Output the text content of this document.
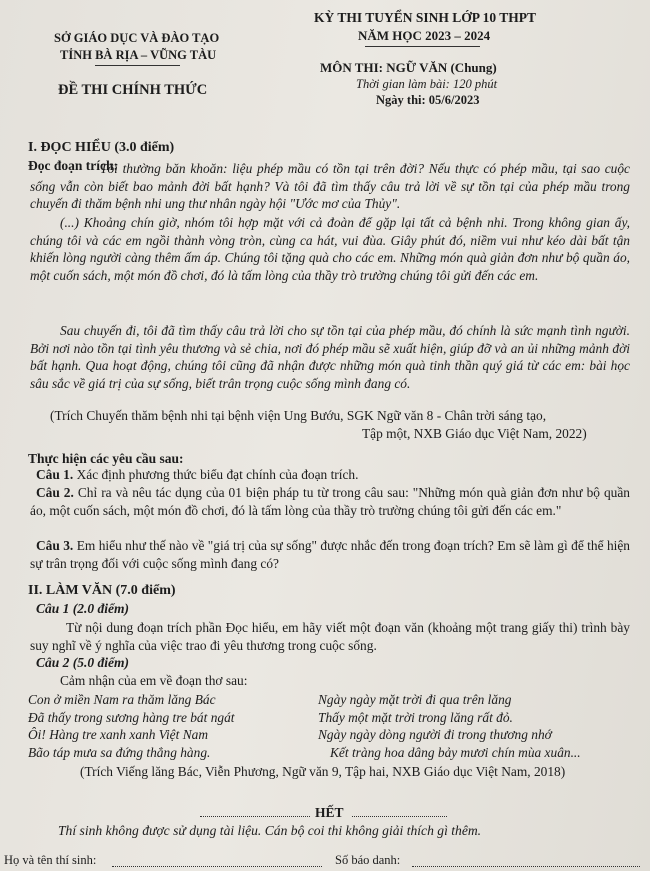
SỞ GIÁO DỤC VÀ ĐÀO TẠO
TỈNH BÀ RỊA – VŨNG TÀU
ĐỀ THI CHÍNH THỨC
KỲ THI TUYỂN SINH LỚP 10 THPT
NĂM HỌC 2023 – 2024
MÔN THI: NGỮ VĂN (Chung)
Thời gian làm bài: 120 phút
Ngày thi: 05/6/2023
I. ĐỌC HIỂU (3.0 điểm)
Đọc đoạn trích:
Tôi thường băn khoăn: liệu phép mầu có tồn tại trên đời? Nếu thực có phép mầu, tại sao cuộc sống vẫn còn biết bao mảnh đời bất hạnh? Và tôi đã tìm thấy câu trả lời về sự tồn tại của phép mầu trong chuyến đi thăm bệnh nhi ung thư nhân ngày hội "Ước mơ của Thủy".
(...) Khoảng chín giờ, nhóm tôi hợp mặt với cả đoàn để gặp lại tất cả bệnh nhi. Trong không gian ấy, chúng tôi và các em ngồi thành vòng tròn, cùng ca hát, vui đùa. Giây phút đó, niềm vui như kéo dài bất tận khiến lòng người càng thêm ấm áp. Chúng tôi tặng quà cho các em. Những món quà giản đơn như bộ quần áo, một cuốn sách, một món đồ chơi, đó là tấm lòng của thầy trò trường chúng tôi gửi đến các em.
Sau chuyến đi, tôi đã tìm thấy câu trả lời cho sự tồn tại của phép mầu, đó chính là sức mạnh tình người. Bởi nơi nào tồn tại tình yêu thương và sẻ chia, nơi đó phép mầu sẽ xuất hiện, giúp đỡ và an ủi những mảnh đời bất hạnh. Qua hoạt động, chúng tôi cũng đã nhận được những món quà tinh thần quý giá từ các em: bài học sâu sắc về giá trị của sự sống, biết trân trọng cuộc sống mình đang có.
(Trích Chuyến thăm bệnh nhi tại bệnh viện Ung Bướu, SGK Ngữ văn 8 - Chân trời sáng tạo,
Tập một, NXB Giáo dục Việt Nam, 2022)
Thực hiện các yêu cầu sau:
Câu 1. Xác định phương thức biểu đạt chính của đoạn trích.
Câu 2. Chỉ ra và nêu tác dụng của 01 biện pháp tu từ trong câu sau: "Những món quà giản đơn như bộ quần áo, một cuốn sách, một món đồ chơi, đó là tấm lòng của thầy trò trường chúng tôi gửi đến các em."
Câu 3. Em hiểu như thế nào về "giá trị của sự sống" được nhắc đến trong đoạn trích? Em sẽ làm gì để thể hiện sự trân trọng đối với cuộc sống mình đang có?
II. LÀM VĂN (7.0 điểm)
Câu 1 (2.0 điểm)
Từ nội dung đoạn trích phần Đọc hiểu, em hãy viết một đoạn văn (khoảng một trang giấy thi) trình bày suy nghĩ về ý nghĩa của việc trao đi yêu thương trong cuộc sống.
Câu 2 (5.0 điểm)
Cảm nhận của em về đoạn thơ sau:
Con ở miền Nam ra thăm lăng Bác
Đã thấy trong sương hàng tre bát ngát
Ôi! Hàng tre xanh xanh Việt Nam
Bão táp mưa sa đứng thẳng hàng.
Ngày ngày mặt trời đi qua trên lăng
Thấy một mặt trời trong lăng rất đỏ.
Ngày ngày dòng người đi trong thương nhớ
Kết tràng hoa dâng bảy mươi chín mùa xuân...
(Trích Viếng lăng Bác, Viễn Phương, Ngữ văn 9, Tập hai, NXB Giáo dục Việt Nam, 2018)
HẾT
Thí sinh không được sử dụng tài liệu. Cán bộ coi thi không giải thích gì thêm.
Họ và tên thí sinh:	Số báo danh:
